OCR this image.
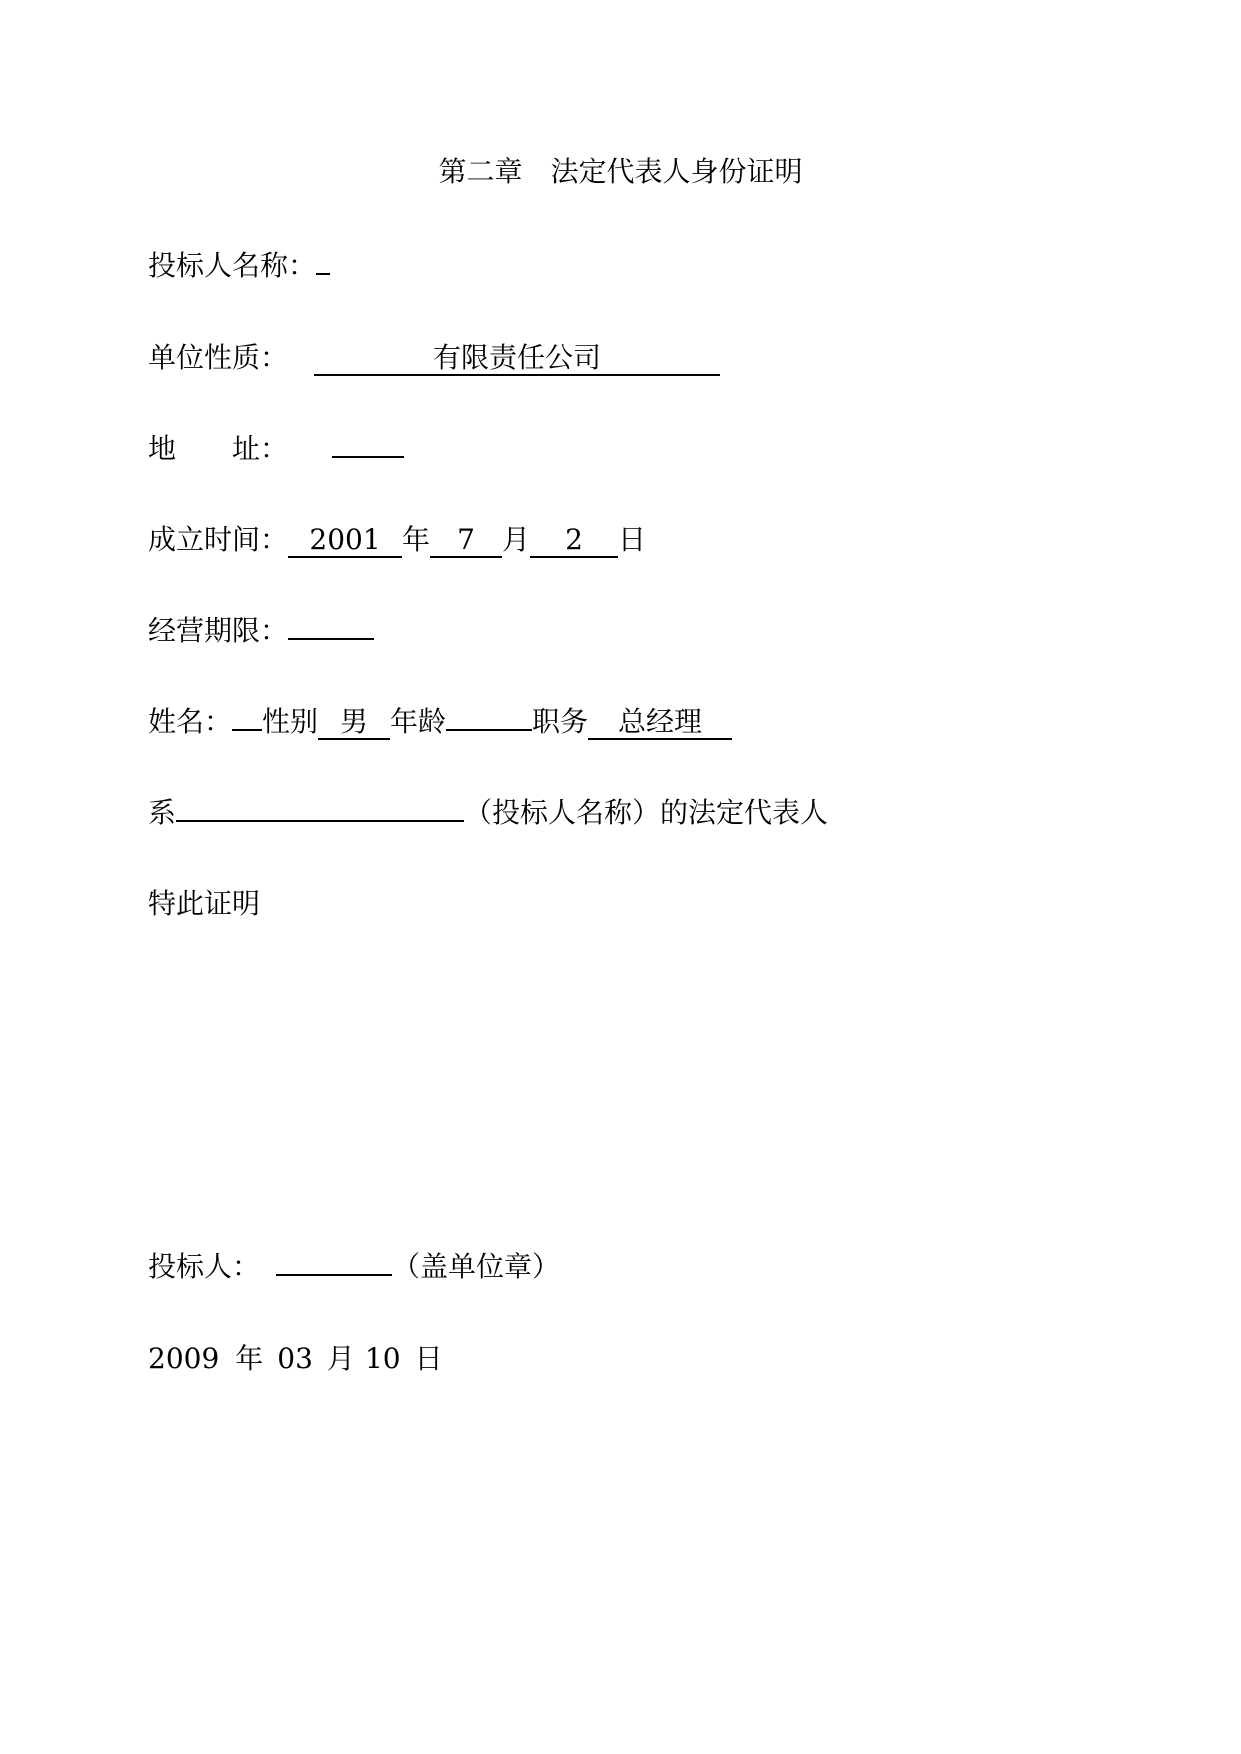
第二章 法定代表人身份证明
投标人名称：
单位性质：	有限责任公司
地 址：
成立时间： 2001 年 7 月 2 日
经营期限：
姓名： 性别 男 年龄	职务 总经理
系	（投标人名称）的法定代表人
特此证明
投标人：	（盖单位章）
2009 年 03 月 10 日
